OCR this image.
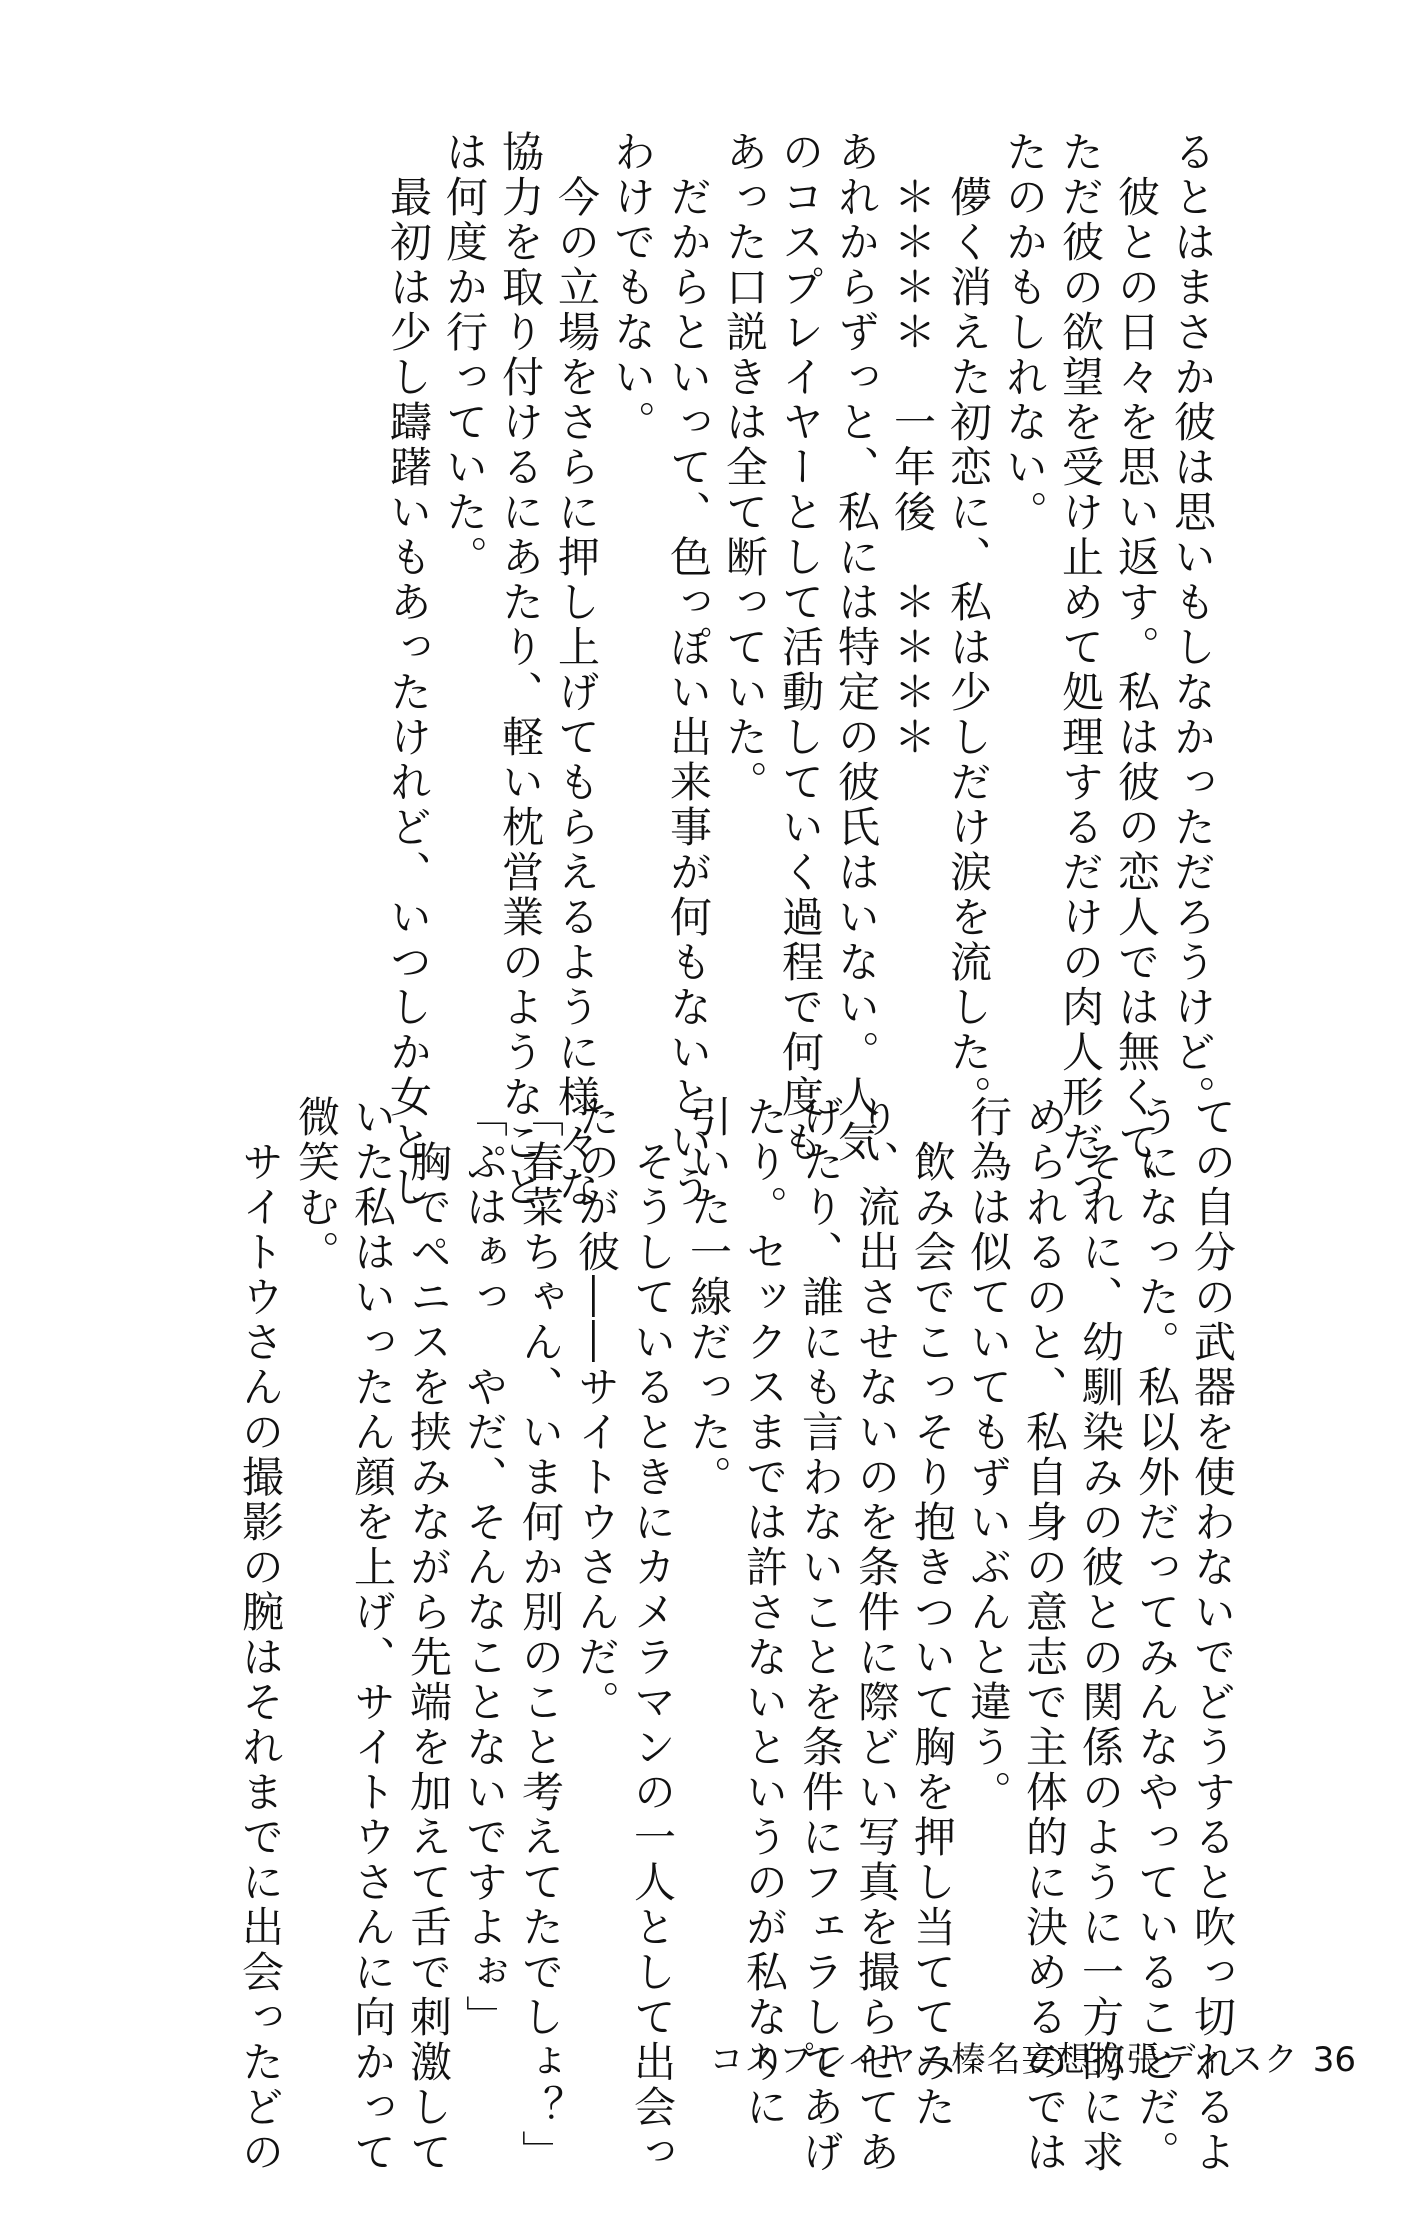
るとはまさか彼は思いもしなかっただろうけど。
　彼との日々を思い返す。私は彼の恋人では無くて、
ただ彼の欲望を受け止めて処理するだけの肉人形だっ
たのかもしれない。
　儚く消えた初恋に、私は少しだけ涙を流した。
　＊＊＊＊　一年後　＊＊＊＊
あれからずっと、私には特定の彼氏はいない。人気
のコスプレイヤーとして活動していく過程で何度も
あった口説きは全て断っていた。
　だからといって、色っぽい出来事が何もないという
わけでもない。
　今の立場をさらに押し上げてもらえるように様々な
協力を取り付けるにあたり、軽い枕営業のようなこと
は何度か行っていた。
　最初は少し躊躇いもあったけれど、いつしか女とし
ての自分の武器を使わないでどうすると吹っ切れるよ
うになった。私以外だってみんなやっていることだ。
　それに、幼馴染みの彼との関係のように一方的に求
められるのと、私自身の意志で主体的に決めるのでは
行為は似ていてもずいぶんと違う。
　飲み会でこっそり抱きついて胸を押し当ててみた
り、流出させないのを条件に際どい写真を撮らせてあ
げたり、誰にも言わないことを条件にフェラしてあげ
たり。セックスまでは許さないというのが私なりに
引いた一線だった。
　そうしているときにカメラマンの一人として出会っ
たのが彼――サイトウさんだ。
「春菜ちゃん、いま何か別のこと考えてたでしょ？」
「ぷはぁっ　やだ、そんなことないですよぉ」
　胸でペニスを挟みながら先端を加えて舌で刺激して
いた私はいったん顔を上げ、サイトウさんに向かって
微笑む。
　サイトウさんの撮影の腕はそれまでに出会ったどの	コスプレイヤー榛名妄想拡張ディスク 36
